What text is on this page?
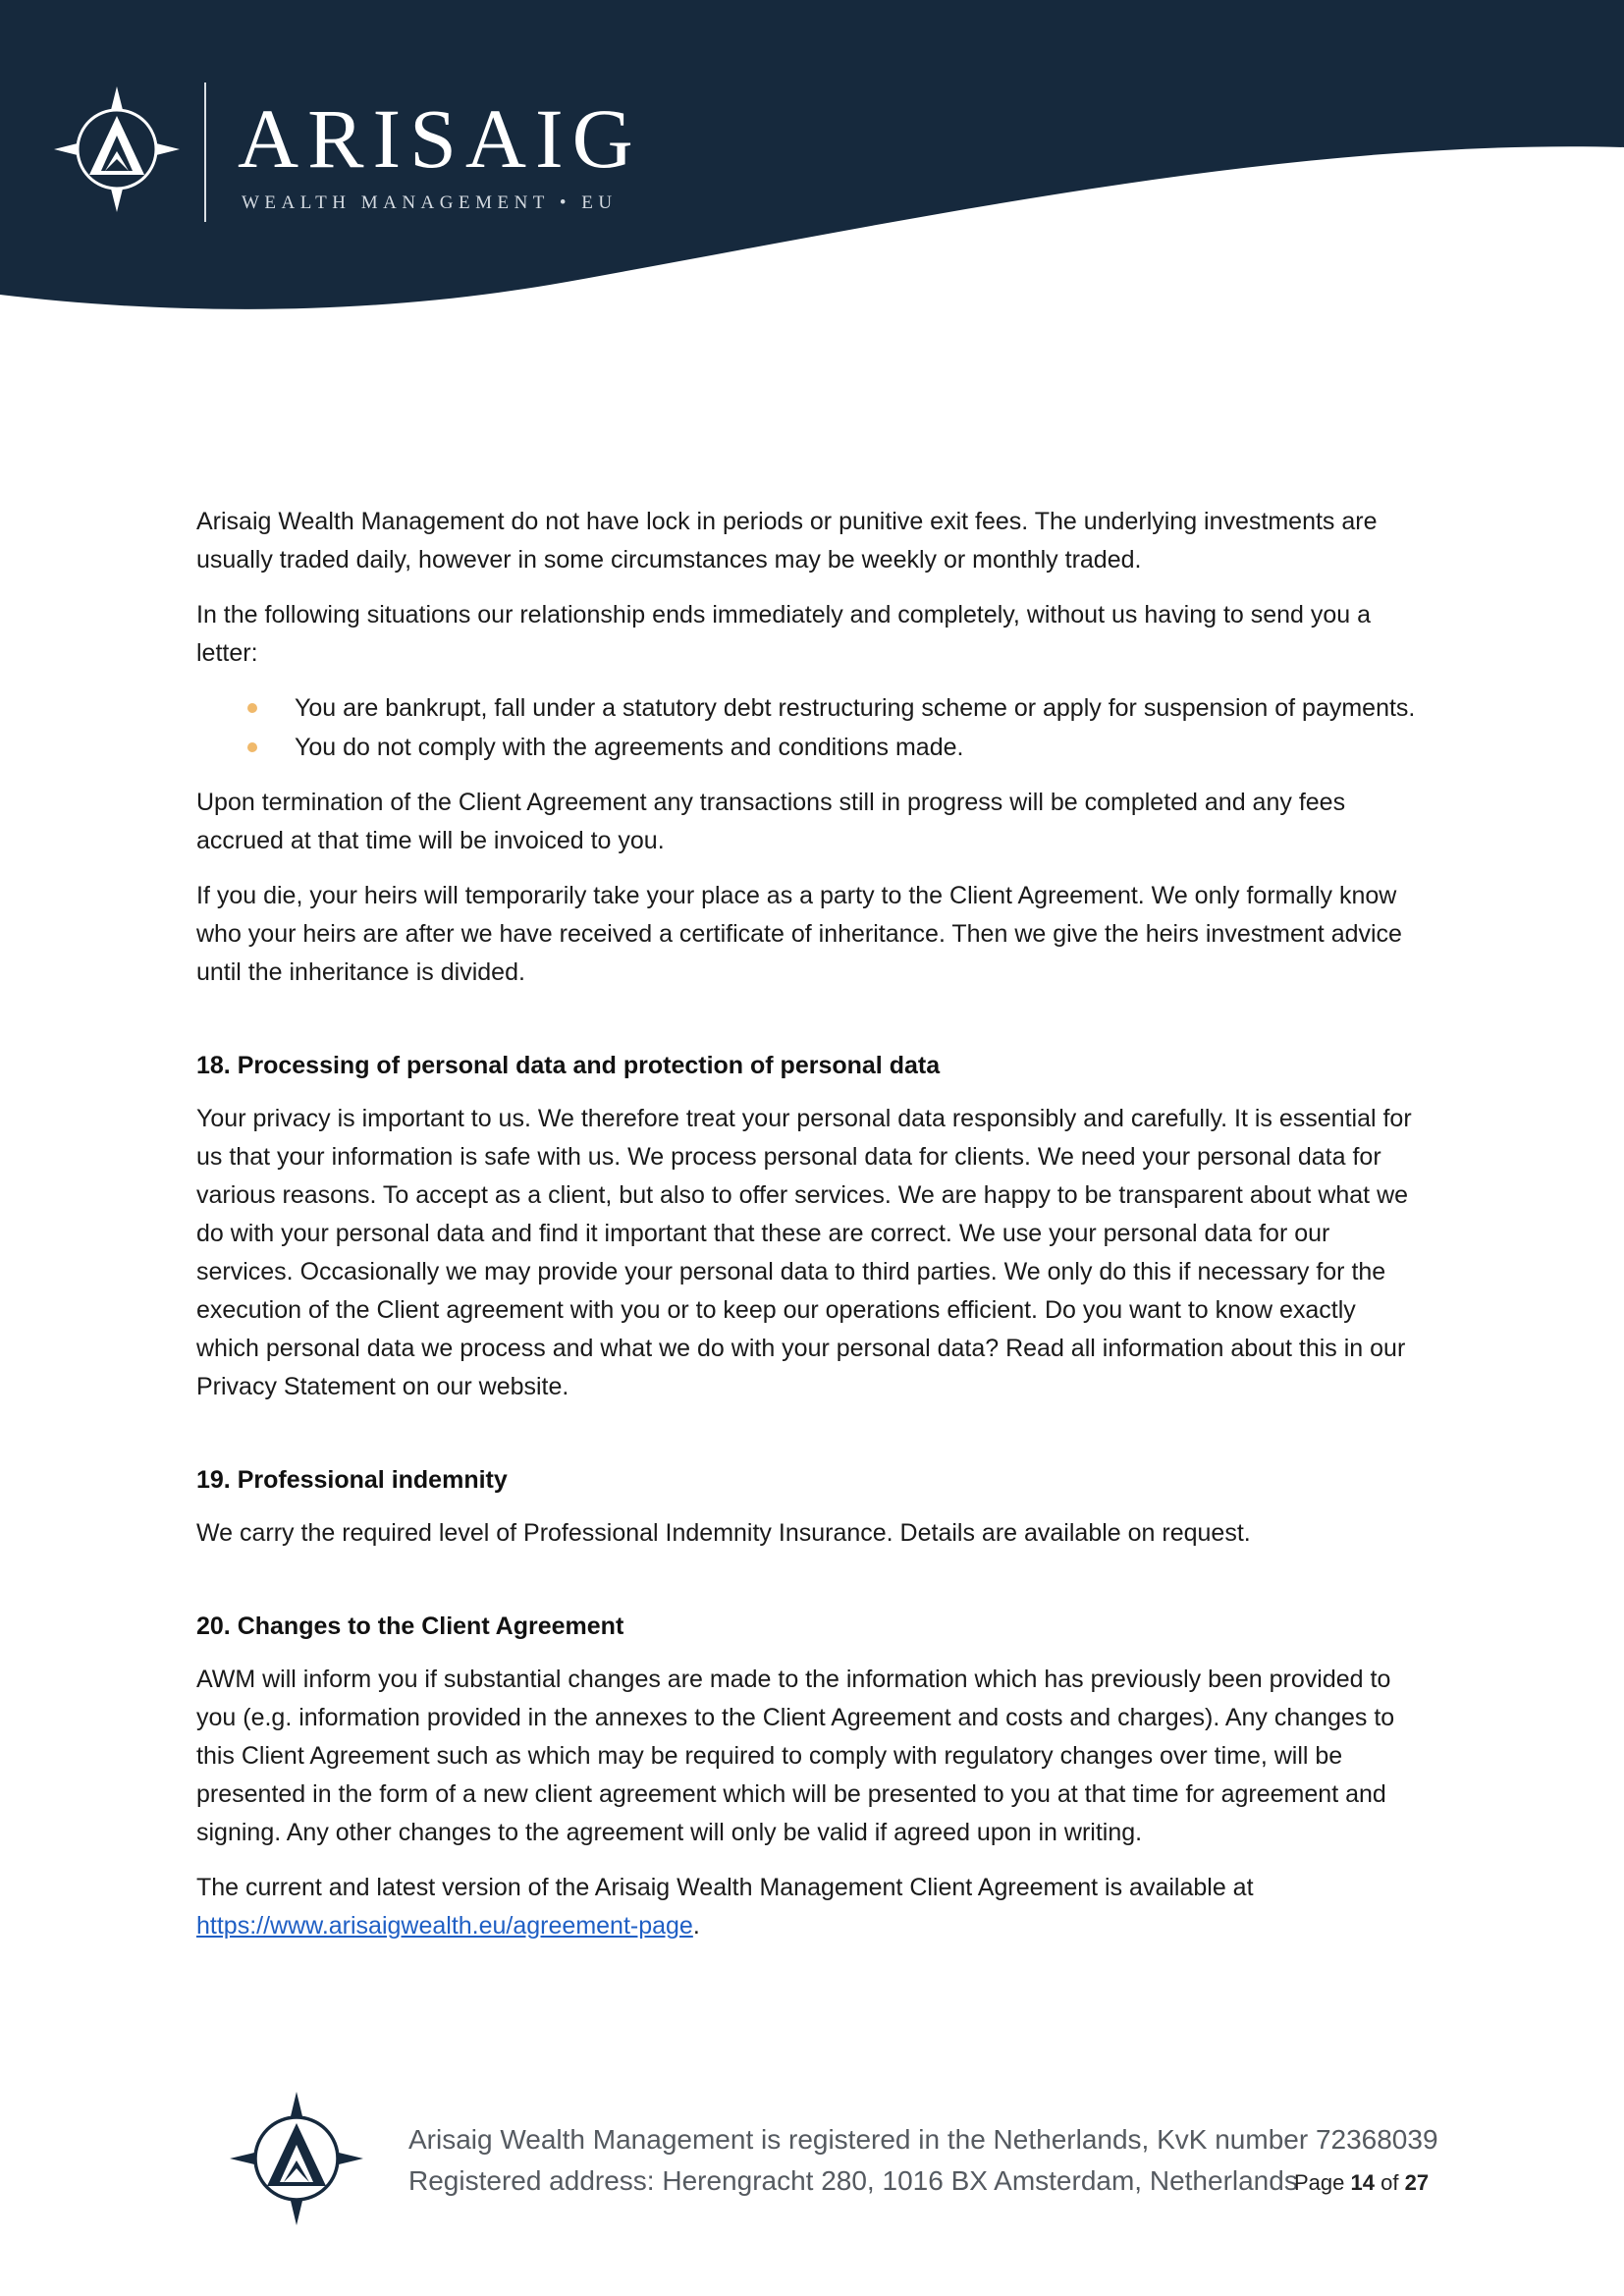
ARISAIG
WEALTH MANAGEMENT • EU

Arisaig Wealth Management do not have lock in periods or punitive exit fees. The underlying investments are usually traded daily, however in some circumstances may be weekly or monthly traded.

In the following situations our relationship ends immediately and completely, without us having to send you a letter:

You are bankrupt, fall under a statutory debt restructuring scheme or apply for suspension of payments.
You do not comply with the agreements and conditions made.

Upon termination of the Client Agreement any transactions still in progress will be completed and any fees accrued at that time will be invoiced to you.

If you die, your heirs will temporarily take your place as a party to the Client Agreement. We only formally know who your heirs are after we have received a certificate of inheritance. Then we give the heirs investment advice until the inheritance is divided.

18. Processing of personal data and protection of personal data

Your privacy is important to us. We therefore treat your personal data responsibly and carefully. It is essential for us that your information is safe with us. We process personal data for clients. We need your personal data for various reasons. To accept as a client, but also to offer services. We are happy to be transparent about what we do with your personal data and find it important that these are correct. We use your personal data for our services. Occasionally we may provide your personal data to third parties. We only do this if necessary for the execution of the Client agreement with you or to keep our operations efficient. Do you want to know exactly which personal data we process and what we do with your personal data? Read all information about this in our Privacy Statement on our website.

19. Professional indemnity

We carry the required level of Professional Indemnity Insurance. Details are available on request.

20. Changes to the Client Agreement

AWM will inform you if substantial changes are made to the information which has previously been provided to you (e.g. information provided in the annexes to the Client Agreement and costs and charges). Any changes to this Client Agreement such as which may be required to comply with regulatory changes over time, will be presented in the form of a new client agreement which will be presented to you at that time for agreement and signing. Any other changes to the agreement will only be valid if agreed upon in writing.

The current and latest version of the Arisaig Wealth Management Client Agreement is available at https://www.arisaigwealth.eu/agreement-page.

Arisaig Wealth Management is registered in the Netherlands, KvK number 72368039
Registered address: Herengracht 280, 1016 BX Amsterdam, Netherlands
Page 14 of 27
